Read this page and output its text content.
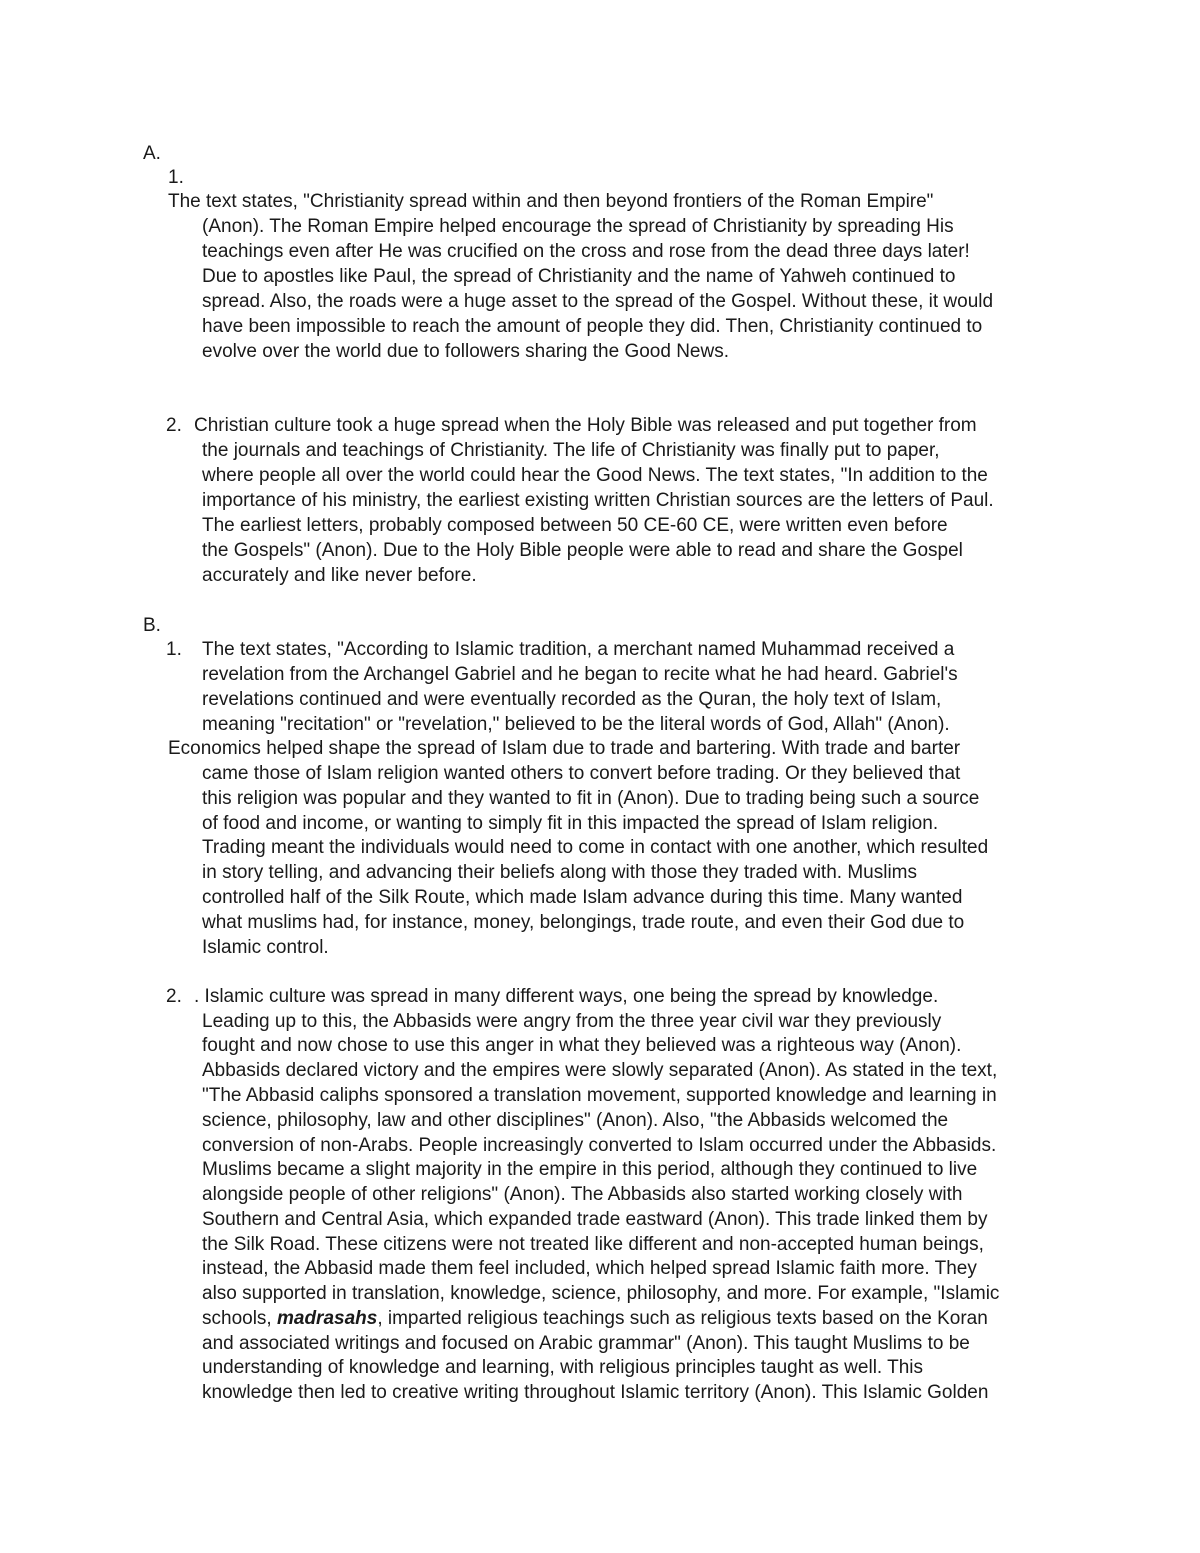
A.
1.
The text states, "Christianity spread within and then beyond frontiers of the Roman Empire"
(Anon). The Roman Empire helped encourage the spread of Christianity by spreading His
teachings even after He was crucified on the cross and rose from the dead three days later!
Due to apostles like Paul, the spread of Christianity and the name of Yahweh continued to
spread. Also, the roads were a huge asset to the spread of the Gospel. Without these, it would
have been impossible to reach the amount of people they did. Then, Christianity continued to
evolve over the world due to followers sharing the Good News.
2. Christian culture took a huge spread when the Holy Bible was released and put together from
the journals and teachings of Christianity. The life of Christianity was finally put to paper,
where people all over the world could hear the Good News. The text states, "In addition to the
importance of his ministry, the earliest existing written Christian sources are the letters of Paul.
The earliest letters, probably composed between 50 CE-60 CE, were written even before
the Gospels" (Anon). Due to the Holy Bible people were able to read and share the Gospel
accurately and like never before.
B.
1. The text states, "According to Islamic tradition, a merchant named Muhammad received a
revelation from the Archangel Gabriel and he began to recite what he had heard. Gabriel's
revelations continued and were eventually recorded as the Quran, the holy text of Islam,
meaning "recitation" or "revelation," believed to be the literal words of God, Allah" (Anon).
Economics helped shape the spread of Islam due to trade and bartering. With trade and barter
came those of Islam religion wanted others to convert before trading. Or they believed that
this religion was popular and they wanted to fit in (Anon). Due to trading being such a source
of food and income, or wanting to simply fit in this impacted the spread of Islam religion.
Trading meant the individuals would need to come in contact with one another, which resulted
in story telling, and advancing their beliefs along with those they traded with. Muslims
controlled half of the Silk Route, which made Islam advance during this time. Many wanted
what muslims had, for instance, money, belongings, trade route, and even their God due to
Islamic control.
2. . Islamic culture was spread in many different ways, one being the spread by knowledge.
Leading up to this, the Abbasids were angry from the three year civil war they previously
fought and now chose to use this anger in what they believed was a righteous way (Anon).
Abbasids declared victory and the empires were slowly separated (Anon). As stated in the text,
"The Abbasid caliphs sponsored a translation movement, supported knowledge and learning in
science, philosophy, law and other disciplines" (Anon). Also, "the Abbasids welcomed the
conversion of non-Arabs. People increasingly converted to Islam occurred under the Abbasids.
Muslims became a slight majority in the empire in this period, although they continued to live
alongside people of other religions" (Anon). The Abbasids also started working closely with
Southern and Central Asia, which expanded trade eastward (Anon). This trade linked them by
the Silk Road. These citizens were not treated like different and non-accepted human beings,
instead, the Abbasid made them feel included, which helped spread Islamic faith more. They
also supported in translation, knowledge, science, philosophy, and more. For example, "Islamic
schools, madrasahs, imparted religious teachings such as religious texts based on the Koran
and associated writings and focused on Arabic grammar" (Anon). This taught Muslims to be
understanding of knowledge and learning, with religious principles taught as well. This
knowledge then led to creative writing throughout Islamic territory (Anon). This Islamic Golden
